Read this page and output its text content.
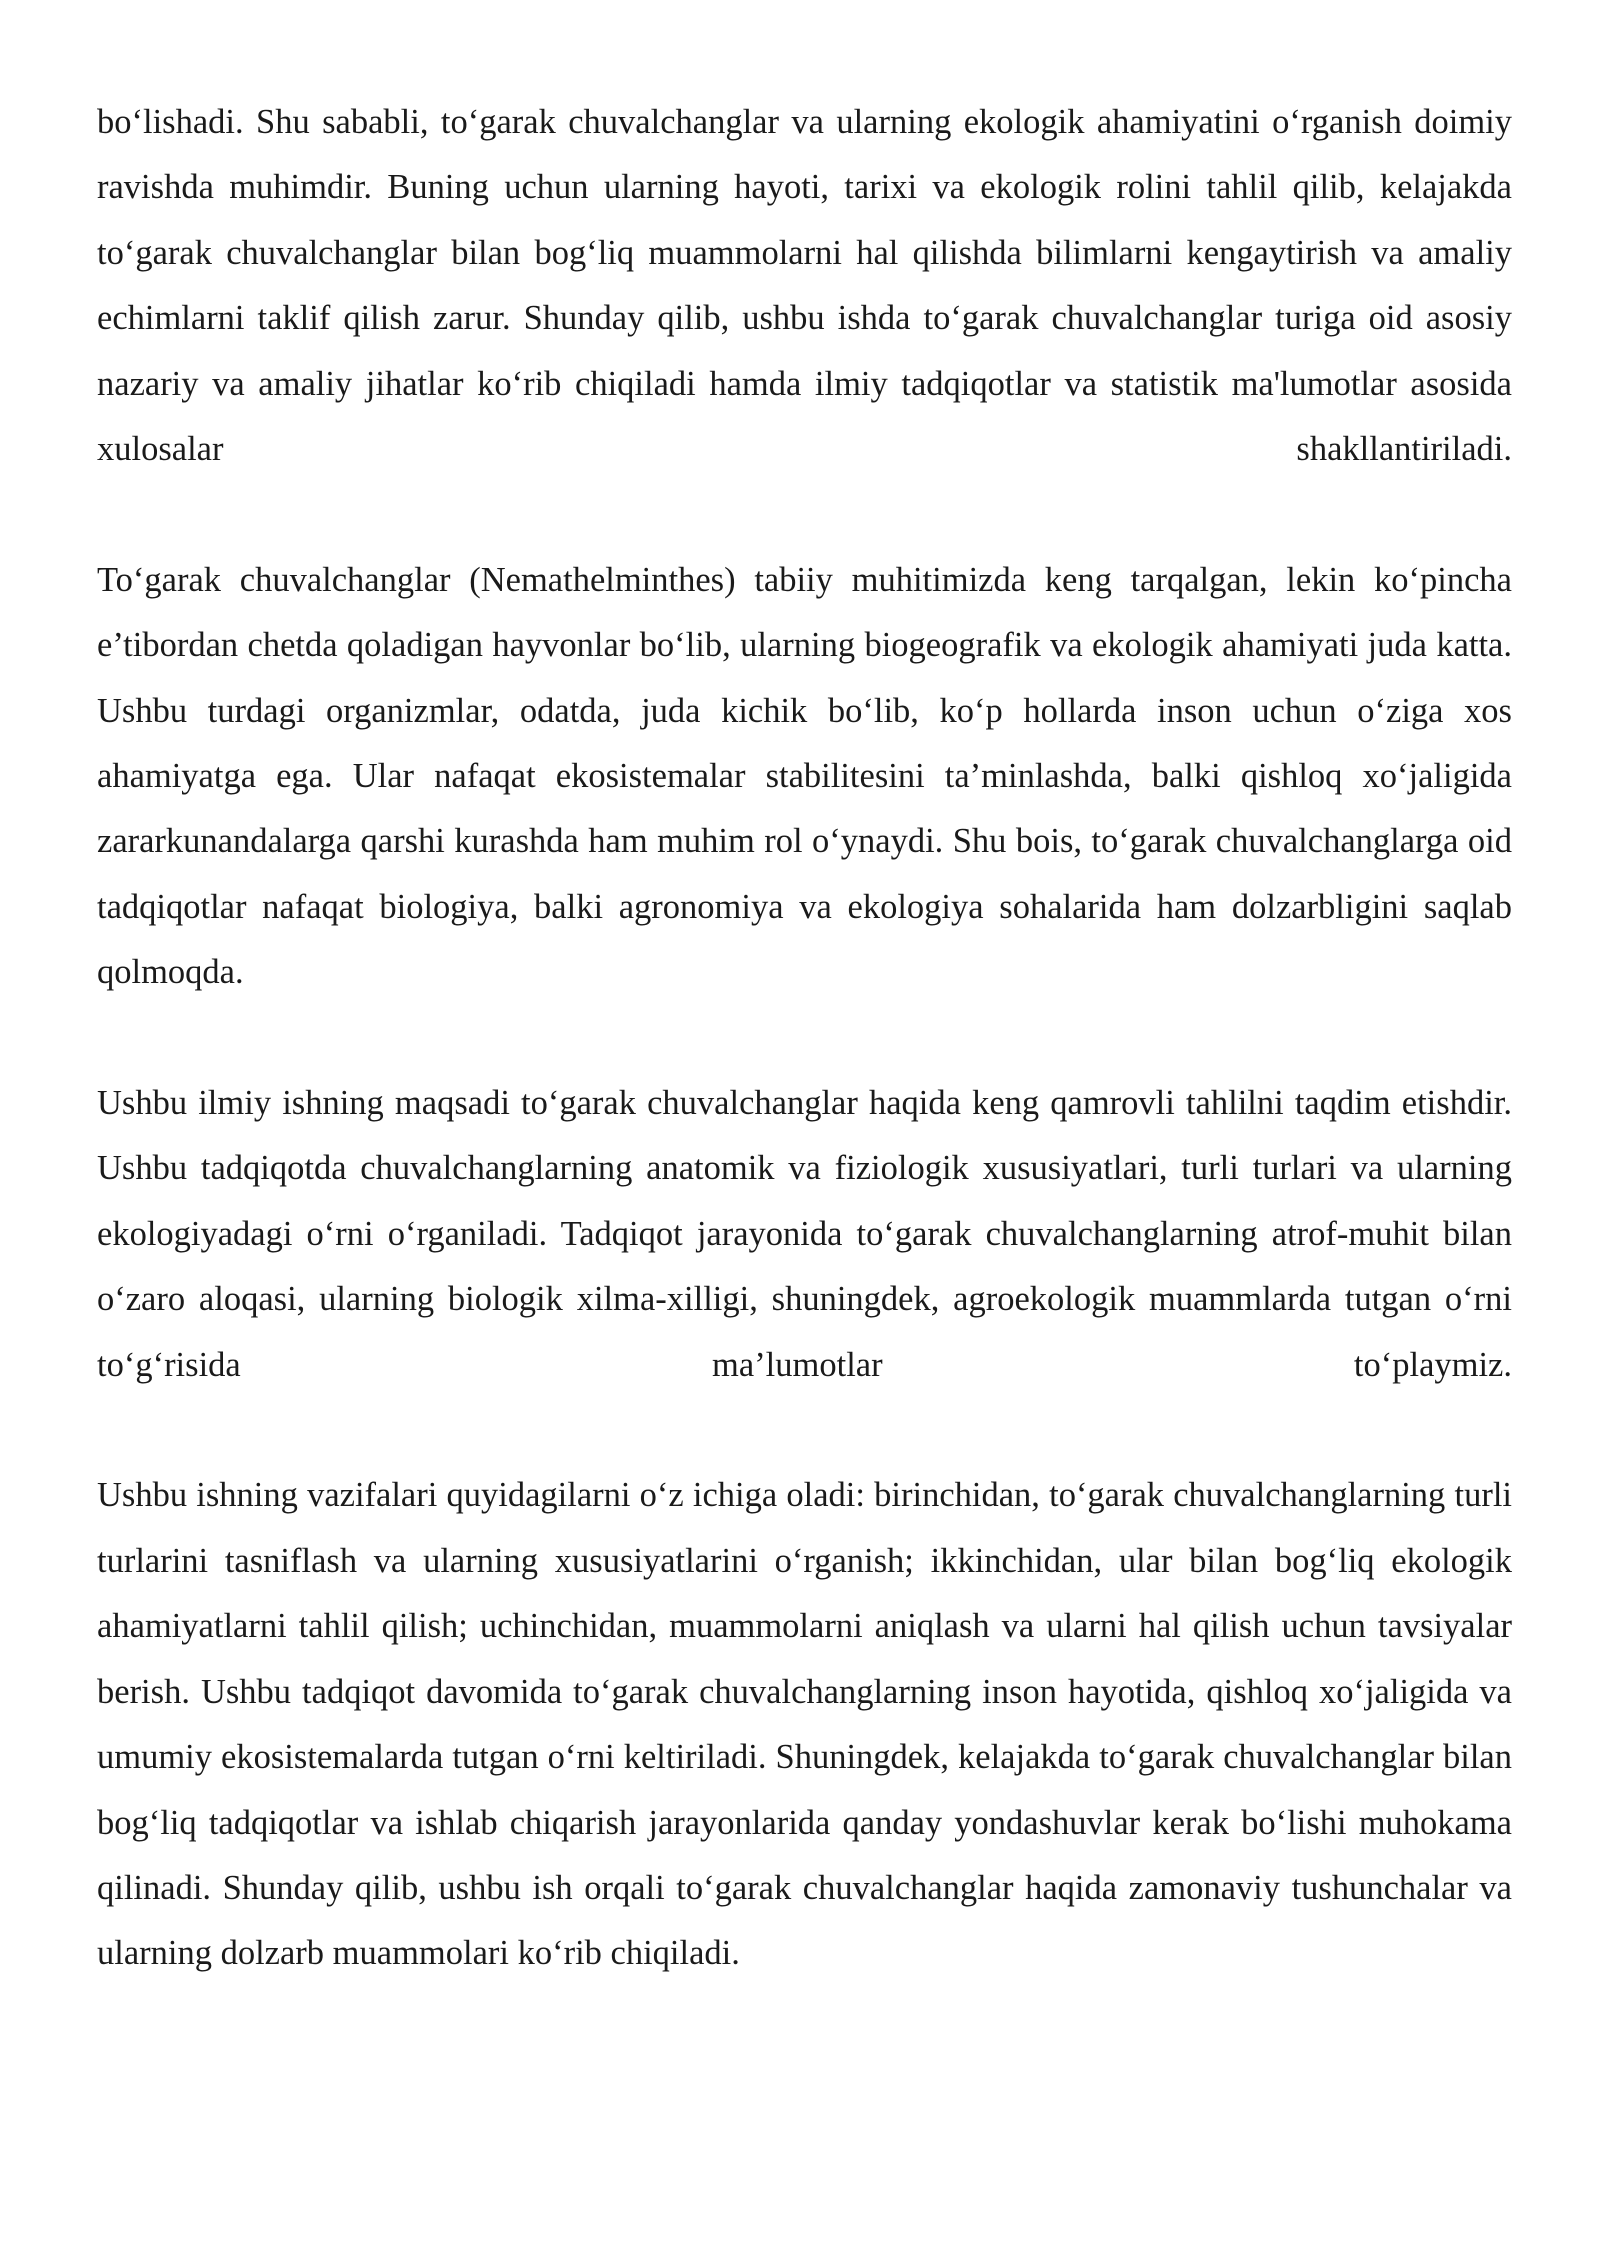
bo‘lishadi. Shu sababli, to‘garak chuvalchanglar va ularning ekologik ahamiyatini o‘rganish doimiy ravishda muhimdir. Buning uchun ularning hayoti, tarixi va ekologik rolini tahlil qilib, kelajakda to‘garak chuvalchanglar bilan bog‘liq muammolarni hal qilishda bilimlarni kengaytirish va amaliy echimlarni taklif qilish zarur. Shunday qilib, ushbu ishda to‘garak chuvalchanglar turiga oid asosiy nazariy va amaliy jihatlar ko‘rib chiqiladi hamda ilmiy tadqiqotlar va statistik ma'lumotlar asosida xulosalar shakllantiriladi.

To‘garak chuvalchanglar (Nemathelminthes) tabiiy muhitimizda keng tarqalgan, lekin ko‘pincha e’tibordan chetda qoladigan hayvonlar bo‘lib, ularning biogeografik va ekologik ahamiyati juda katta. Ushbu turdagi organizmlar, odatda, juda kichik bo‘lib, ko‘p hollarda inson uchun o‘ziga xos ahamiyatga ega. Ular nafaqat ekosistemalar stabilitesini ta’minlashda, balki qishloq xo‘jaligida zararkunandalarga qarshi kurashda ham muhim rol o‘ynaydi. Shu bois, to‘garak chuvalchanglarga oid tadqiqotlar nafaqat biologiya, balki agronomiya va ekologiya sohalarida ham dolzarbligini saqlab qolmoqda.

Ushbu ilmiy ishning maqsadi to‘garak chuvalchanglar haqida keng qamrovli tahlilni taqdim etishdir. Ushbu tadqiqotda chuvalchanglarning anatomik va fiziologik xususiyatlari, turli turlari va ularning ekologiyadagi o‘rni o‘rganiladi. Tadqiqot jarayonida to‘garak chuvalchanglarning atrof-muhit bilan o‘zaro aloqasi, ularning biologik xilma-xilligi, shuningdek, agroekologik muammlarda tutgan o‘rni to‘g‘risida ma’lumotlar to‘playmiz.

Ushbu ishning vazifalari quyidagilarni o‘z ichiga oladi: birinchidan, to‘garak chuvalchanglarning turli turlarini tasniflash va ularning xususiyatlarini o‘rganish; ikkinchidan, ular bilan bog‘liq ekologik ahamiyatlarni tahlil qilish; uchinchidan, muammolarni aniqlash va ularni hal qilish uchun tavsiyalar berish. Ushbu tadqiqot davomida to‘garak chuvalchanglarning inson hayotida, qishloq xo‘jaligida va umumiy ekosistemalarda tutgan o‘rni keltiriladi. Shuningdek, kelajakda to‘garak chuvalchanglar bilan bog‘liq tadqiqotlar va ishlab chiqarish jarayonlarida qanday yondashuvlar kerak bo‘lishi muhokama qilinadi. Shunday qilib, ushbu ish orqali to‘garak chuvalchanglar haqida zamonaviy tushunchalar va ularning dolzarb muammolari ko‘rib chiqiladi.
